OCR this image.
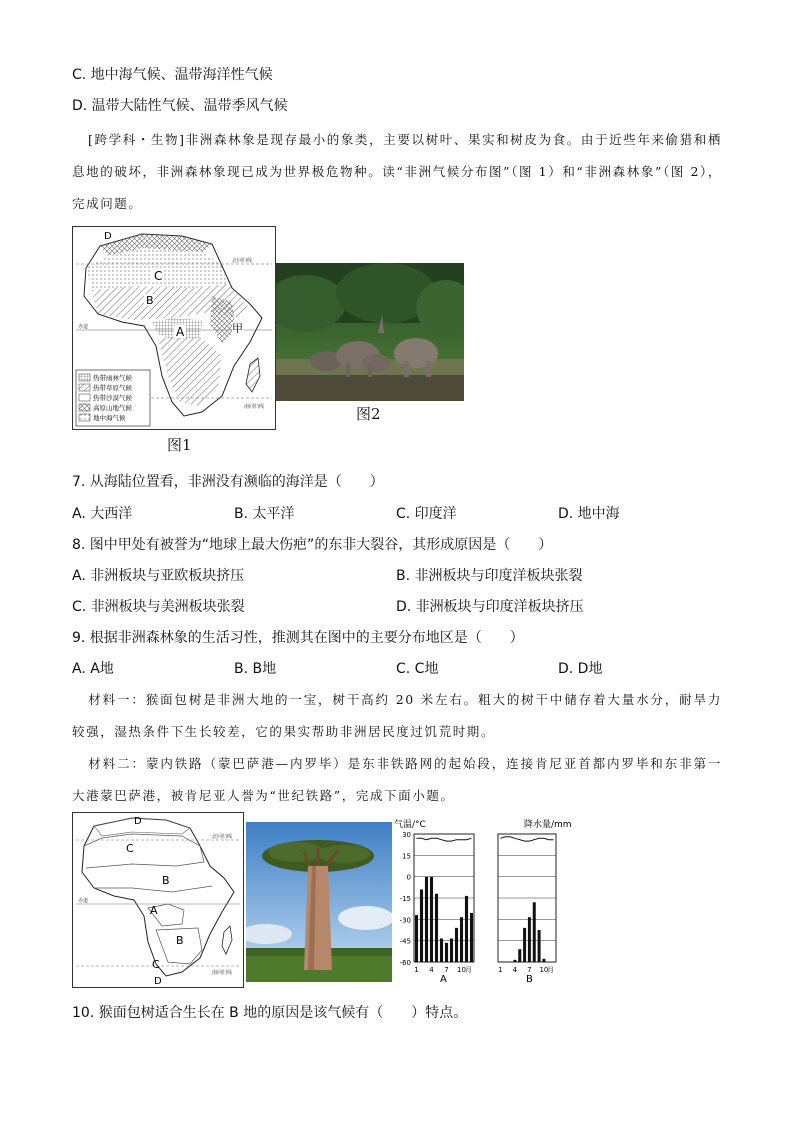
C. 地中海气候、温带海洋性气候
D. 温带大陆性气候、温带季风气候
[跨学科・生物]非洲森林象是现存最小的象类，主要以树叶、果实和树皮为食。由于近些年来偷猎和栖息地的破坏，非洲森林象现已成为世界极危物种。读“非洲气候分布图”（图 1）和“非洲森林象”（图 2），完成问题。
北回归线
赤道
南回归线
D
C
B
A	甲
热带雨林气候
热带草原气候
热带沙漠气候
高原山地气候
地中海气候
图1
图2
7. 从海陆位置看，非洲没有濒临的海洋是（　　）
A. 大西洋	B. 太平洋	C. 印度洋	D. 地中海
8. 图中甲处有被誉为“地球上最大伤疤”的东非大裂谷，其形成原因是（　　）
A. 非洲板块与亚欧板块挤压	B. 非洲板块与印度洋板块张裂
C. 非洲板块与美洲板块张裂	D. 非洲板块与印度洋板块挤压
9. 根据非洲森林象的生活习性，推测其在图中的主要分布地区是（　　）
A. A地	B. B地	C. C地	D. D地
材料一：猴面包树是非洲大地的一宝，树干高约 20 米左右。粗大的树干中储存着大量水分，耐旱力较强，湿热条件下生长较差，它的果实帮助非洲居民度过饥荒时期。
材料二：蒙内铁路（蒙巴萨港—内罗毕）是东非铁路网的起始段，连接肯尼亚首都内罗毕和东非第一大港蒙巴萨港，被肯尼亚人誉为“世纪铁路”，完成下面小题。
北回归线
赤道
南回归线
D
C
B
A
B
C
D
气温/°C	降水量/mm
30
15
0
-15
-30
-45
-60
1 4 7 10 月
A
1 4 7 10
月
B
10. 猴面包树适合生长在 B 地的原因是该气候有（　　）特点。
